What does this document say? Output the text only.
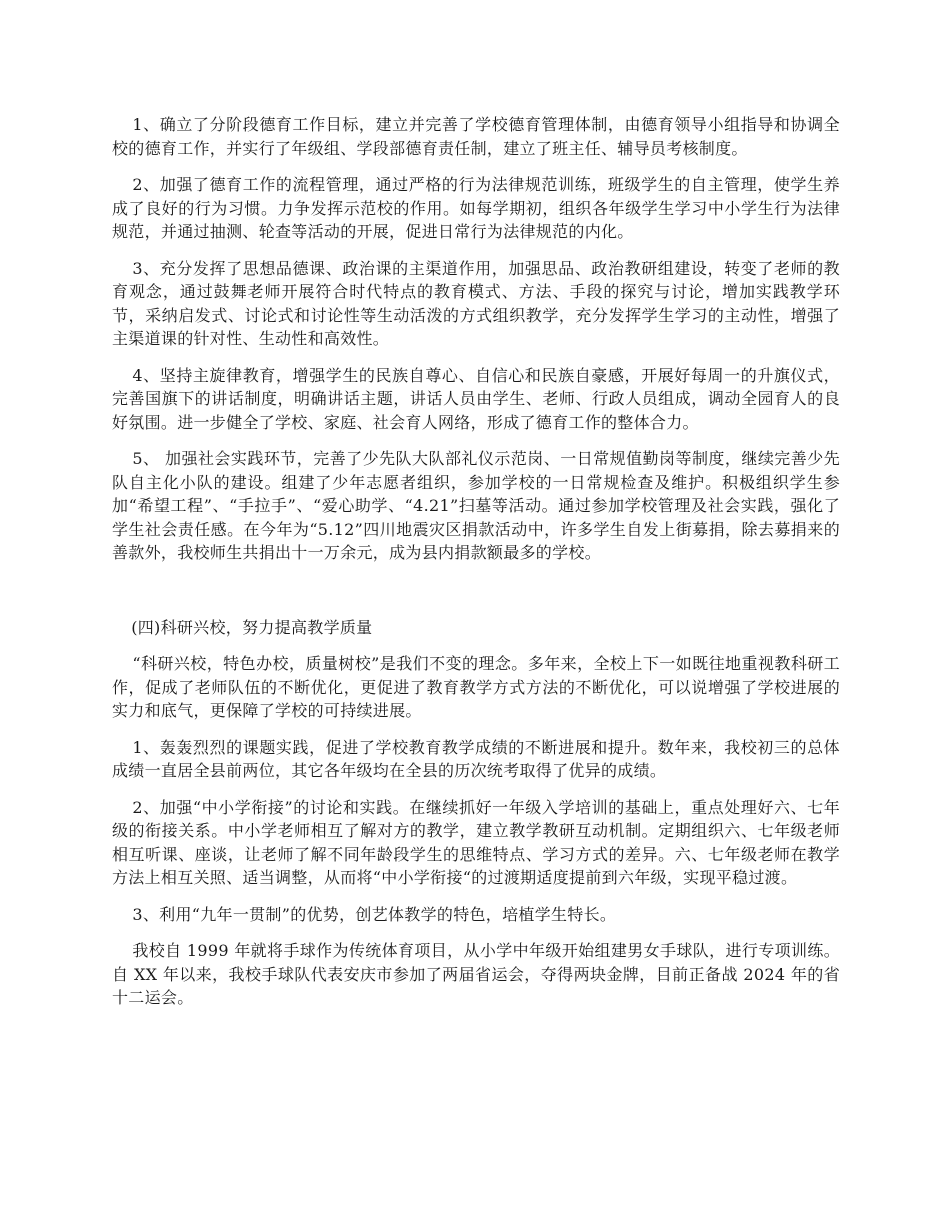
1、确立了分阶段德育工作目标，建立并完善了学校德育管理体制，由德育领导小组指导和协调全校的德育工作，并实行了年级组、学段部德育责任制，建立了班主任、辅导员考核制度。

2、加强了德育工作的流程管理，通过严格的行为法律规范训练，班级学生的自主管理，使学生养成了良好的行为习惯。力争发挥示范校的作用。如每学期初，组织各年级学生学习中小学生行为法律规范，并通过抽测、轮查等活动的开展，促进日常行为法律规范的内化。

3、充分发挥了思想品德课、政治课的主渠道作用，加强思品、政治教研组建设，转变了老师的教育观念，通过鼓舞老师开展符合时代特点的教育模式、方法、手段的探究与讨论，增加实践教学环节，采纳启发式、讨论式和讨论性等生动活泼的方式组织教学，充分发挥学生学习的主动性，增强了主渠道课的针对性、生动性和高效性。

4、坚持主旋律教育，增强学生的民族自尊心、自信心和民族自豪感，开展好每周一的升旗仪式，完善国旗下的讲话制度，明确讲话主题，讲话人员由学生、老师、行政人员组成，调动全园育人的良好氛围。进一步健全了学校、家庭、社会育人网络，形成了德育工作的整体合力。

5、 加强社会实践环节，完善了少先队大队部礼仪示范岗、一日常规值勤岗等制度，继续完善少先队自主化小队的建设。组建了少年志愿者组织，参加学校的一日常规检查及维护。积极组织学生参加“希望工程”、“手拉手”、“爱心助学、“4.21”扫墓等活动。通过参加学校管理及社会实践，强化了学生社会责任感。在今年为“5.12”四川地震灾区捐款活动中，许多学生自发上街募捐，除去募捐来的善款外，我校师生共捐出十一万余元，成为县内捐款额最多的学校。

(四)科研兴校，努力提高教学质量

“科研兴校，特色办校，质量树校”是我们不变的理念。多年来，全校上下一如既往地重视教科研工作，促成了老师队伍的不断优化，更促进了教育教学方式方法的不断优化，可以说增强了学校进展的实力和底气，更保障了学校的可持续进展。

1、轰轰烈烈的课题实践，促进了学校教育教学成绩的不断进展和提升。数年来，我校初三的总体成绩一直居全县前两位，其它各年级均在全县的历次统考取得了优异的成绩。

2、加强“中小学衔接”的讨论和实践。在继续抓好一年级入学培训的基础上，重点处理好六、七年级的衔接关系。中小学老师相互了解对方的教学，建立教学教研互动机制。定期组织六、七年级老师相互听课、座谈，让老师了解不同年龄段学生的思维特点、学习方式的差异。六、七年级老师在教学方法上相互关照、适当调整，从而将“中小学衔接“的过渡期适度提前到六年级，实现平稳过渡。

3、利用“九年一贯制”的优势，创艺体教学的特色，培植学生特长。

我校自 1999 年就将手球作为传统体育项目，从小学中年级开始组建男女手球队，进行专项训练。自 XX 年以来，我校手球队代表安庆市参加了两届省运会，夺得两块金牌，目前正备战 2024 年的省十二运会。
